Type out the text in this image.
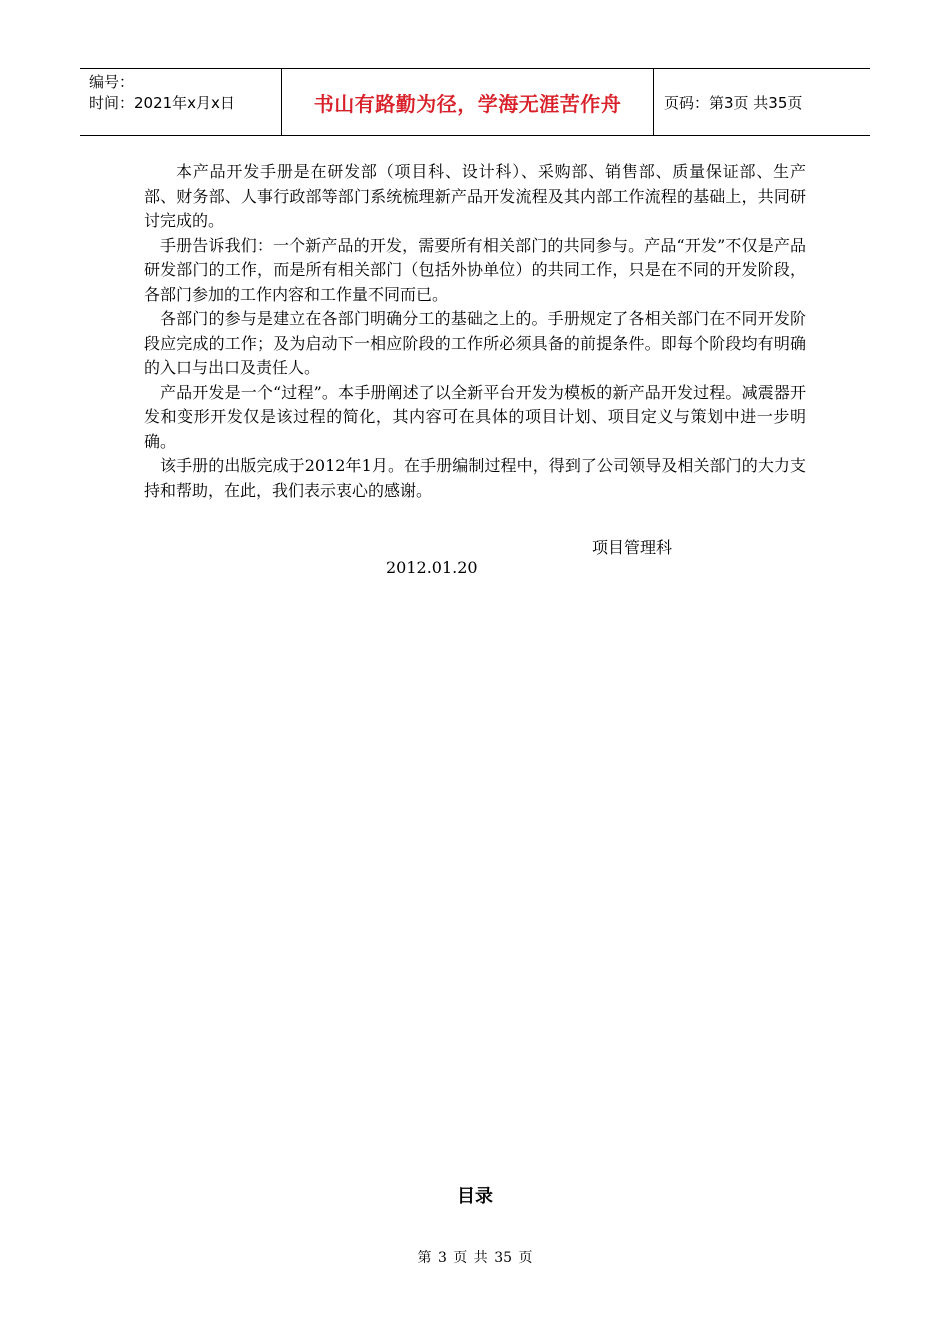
编号：
时间：2021年x月x日	书山有路勤为径，学海无涯苦作舟	页码：第3页 共35页

本产品开发手册是在研发部（项目科、设计科）、采购部、销售部、质量保证部、生产部、财务部、人事行政部等部门系统梳理新产品开发流程及其内部工作流程的基础上，共同研讨完成的。

手册告诉我们：一个新产品的开发，需要所有相关部门的共同参与。产品“开发”不仅是产品研发部门的工作，而是所有相关部门（包括外协单位）的共同工作，只是在不同的开发阶段，各部门参加的工作内容和工作量不同而已。

各部门的参与是建立在各部门明确分工的基础之上的。手册规定了各相关部门在不同开发阶段应完成的工作；及为启动下一相应阶段的工作所必须具备的前提条件。即每个阶段均有明确的入口与出口及责任人。

产品开发是一个“过程”。本手册阐述了以全新平台开发为模板的新产品开发过程。减震器开发和变形开发仅是该过程的简化，其内容可在具体的项目计划、项目定义与策划中进一步明确。

该手册的出版完成于2012年1月。在手册编制过程中，得到了公司领导及相关部门的大力支持和帮助，在此，我们表示衷心的感谢。

项目管理科
2012.01.20
目录
第 3 页 共 35 页
